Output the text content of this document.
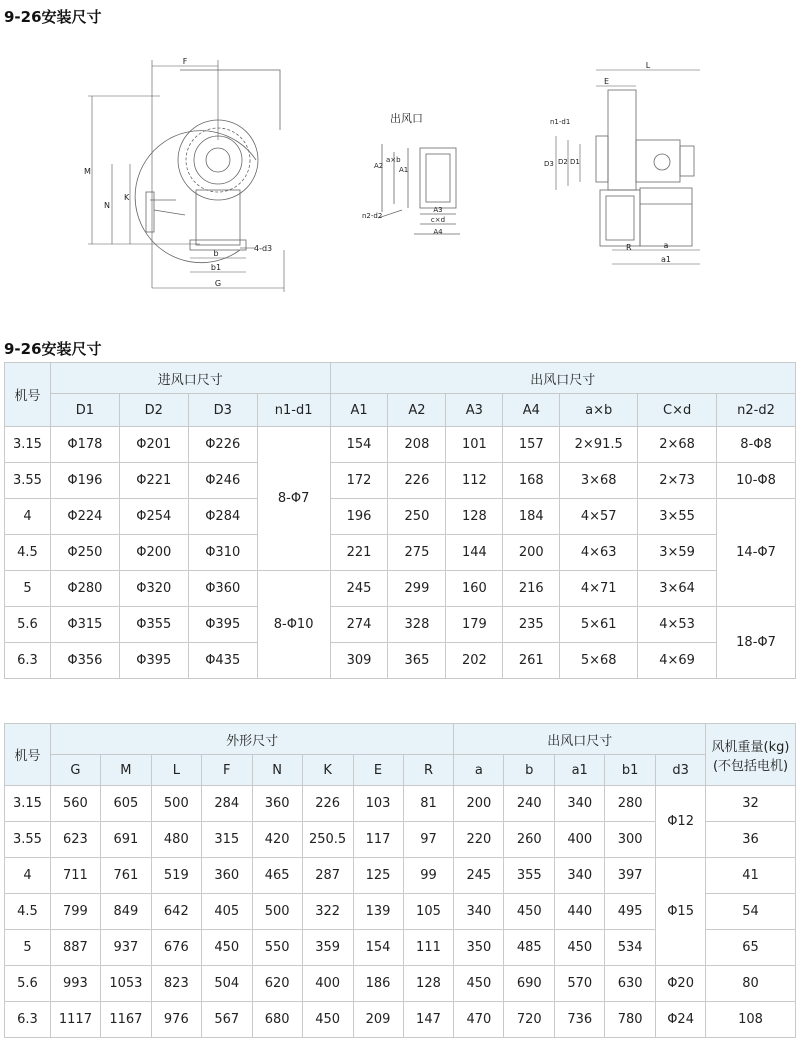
9-26安装尺寸
F
M
N
K
b
b1
G
4-d3
出风口
A2
a×b
A1
A3
c×d
A4
n2-d2
L
E
n1-d1
D3 D2 D1
R	a
a1
9-26安装尺寸
机号	进风口尺寸				出风口尺寸						
	D1	D2	D3	n1-d1	A1	A2	A3	A4	a×b	C×d	n2-d2
3.15	Φ178	Φ201	Φ226	8-Φ7	154	208	101	157	2×91.5	2×68	8-Φ8
3.55	Φ196	Φ221	Φ246		172	226	112	168	3×68	2×73	10-Φ8
4	Φ224	Φ254	Φ284		196	250	128	184	4×57	3×55	14-Φ7
4.5	Φ250	Φ200	Φ310		221	275	144	200	4×63	3×59	
5	Φ280	Φ320	Φ360	8-Φ10	245	299	160	216	4×71	3×64	
5.6	Φ315	Φ355	Φ395		274	328	179	235	5×61	4×53	18-Φ7
6.3	Φ356	Φ395	Φ435		309	365	202	261	5×68	4×69	
机号	外形尺寸								出风口尺寸					风机重量(kg)
(不包括电机)

	G	M	L	F	N	K	E	R	a	b	a1	b1	d3	
3.15	560	605	500	284	360	226	103	81	200	240	340	280	Φ12	32
3.55	623	691	480	315	420	250.5	117	97	220	260	400	300		36
4	711	761	519	360	465	287	125	99	245	355	340	397	Φ15	41
4.5	799	849	642	405	500	322	139	105	340	450	440	495		54
5	887	937	676	450	550	359	154	111	350	485	450	534		65
5.6	993	1053	823	504	620	400	186	128	450	690	570	630	Φ20	80
6.3	1117	1167	976	567	680	450	209	147	470	720	736	780	Φ24	108
